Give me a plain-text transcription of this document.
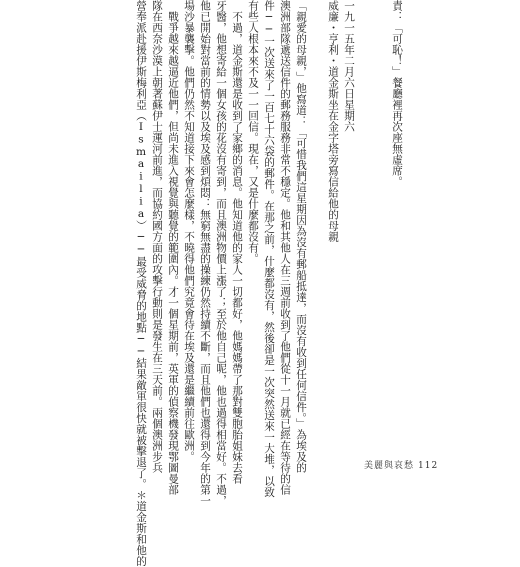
責：「可恥！」餐廳裡再次座無虛席。
一九一五年二月六日星期六
威廉・亨利・道金斯坐在金字塔旁寫信給他的母親
「親愛的母親，」他寫道：「可惜我們這星期因為沒有郵船抵達，而沒有收到任何信件。」為埃及的
澳洲部隊遞送信件的郵務服務非常不穩定。他和其他人在三週前收到了他們從十一月就已經在等待的信
件──一次送來了一百七十六袋的郵件。在那之前，什麼都沒有，然後卻是一次突然送來一大堆，以致
有些人根本來不及一一回信。現在，又是什麼都沒有。
　不過，道金斯還是收到了家鄉的消息。他知道他的家人一切都好，他媽媽帶了那對雙胞胎姐妹去看
牙醫，他想寄給一個女孩的花沒有寄到，而且澳洲物價上漲了；至於他自己呢，他也過得相當好。不過，
他已開始對當前的情勢以及埃及感到煩悶：無窮無盡的操練仍然持續不斷，而且他們也還得到今年的第一
場沙暴襲擊。他們仍然不知道接下來會怎麼樣，不曉得他們究竟會待在埃及還是繼續前往歐洲。
　戰爭越來越逼近他們，但尚未進入視覺與聽覺的範圍內。才一個星期前，英軍的偵察機發現鄂圖曼部
隊在西奈沙漠上朝著蘇伊士運河前進，而協約國方面的攻擊行動則是發生在三天前。兩個澳洲步兵
營奉派赴援伊斯梅利亞（Ismailia）──最受威脅的地點──結果敵軍很快就被擊退了。＊道金斯和他的	美麗與哀愁 112
